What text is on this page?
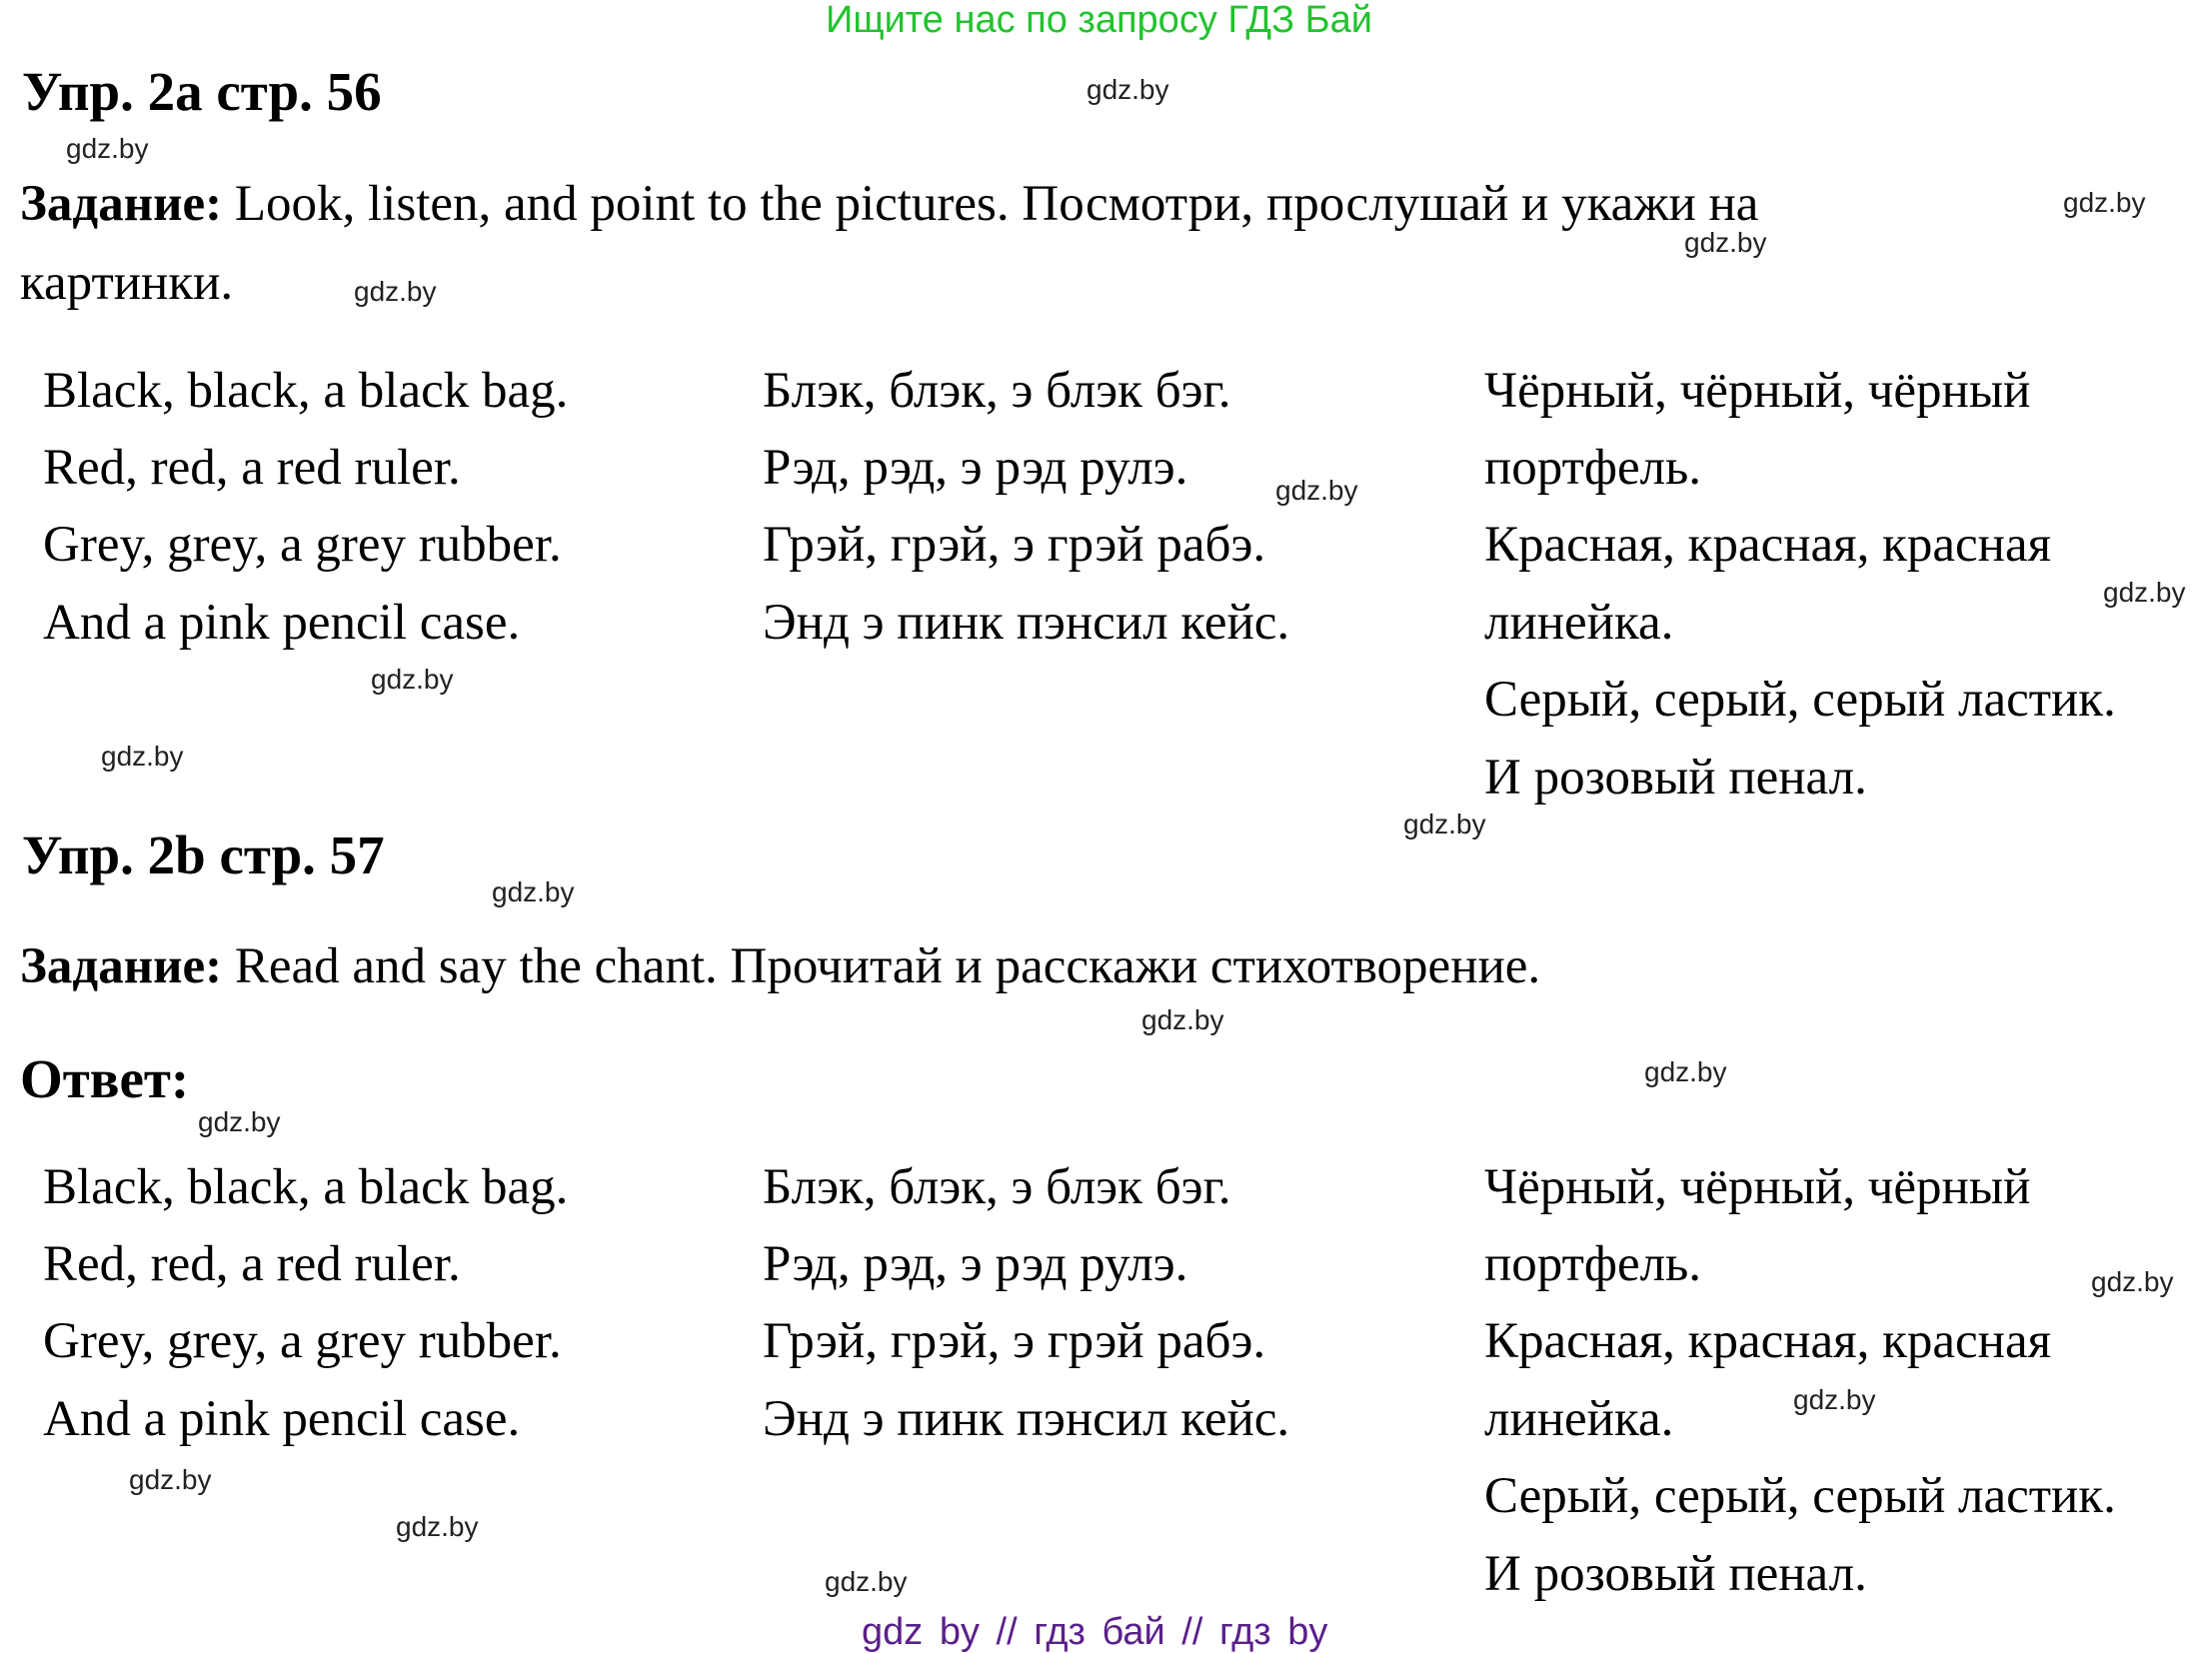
Ищите нас по запросу ГДЗ Бай
Упр. 2а стр. 56
Задание: Look, listen, and point to the pictures. Посмотри, прослушай и укажи на
картинки.
Black, black, a black bag.
Red, red, a red ruler.
Grey, grey, a grey rubber.
And a pink pencil case.
Блэк, блэк, э блэк бэг.
Рэд, рэд, э рэд рулэ.
Грэй, грэй, э грэй рабэ.
Энд э пинк пэнсил кейс.
Чёрный, чёрный, чёрный
портфель.
Красная, красная, красная
линейка.
Серый, серый, серый ластик.
И розовый пенал.
Упр. 2b стр. 57
Задание: Read and say the chant. Прочитай и расскажи стихотворение.
Ответ:
Black, black, a black bag.
Red, red, a red ruler.
Grey, grey, a grey rubber.
And a pink pencil case.
Блэк, блэк, э блэк бэг.
Рэд, рэд, э рэд рулэ.
Грэй, грэй, э грэй рабэ.
Энд э пинк пэнсил кейс.
Чёрный, чёрный, чёрный
портфель.
Красная, красная, красная
линейка.
Серый, серый, серый ластик.
И розовый пенал.
gdz.by
gdz.by
gdz.by
gdz.by
gdz.by
gdz.by
gdz.by
gdz.by
gdz.by
gdz.by
gdz.by
gdz.by
gdz.by
gdz.by
gdz.by
gdz.by
gdz.by
gdz.by
gdz.by
gdz by // гдз бай // гдз by
